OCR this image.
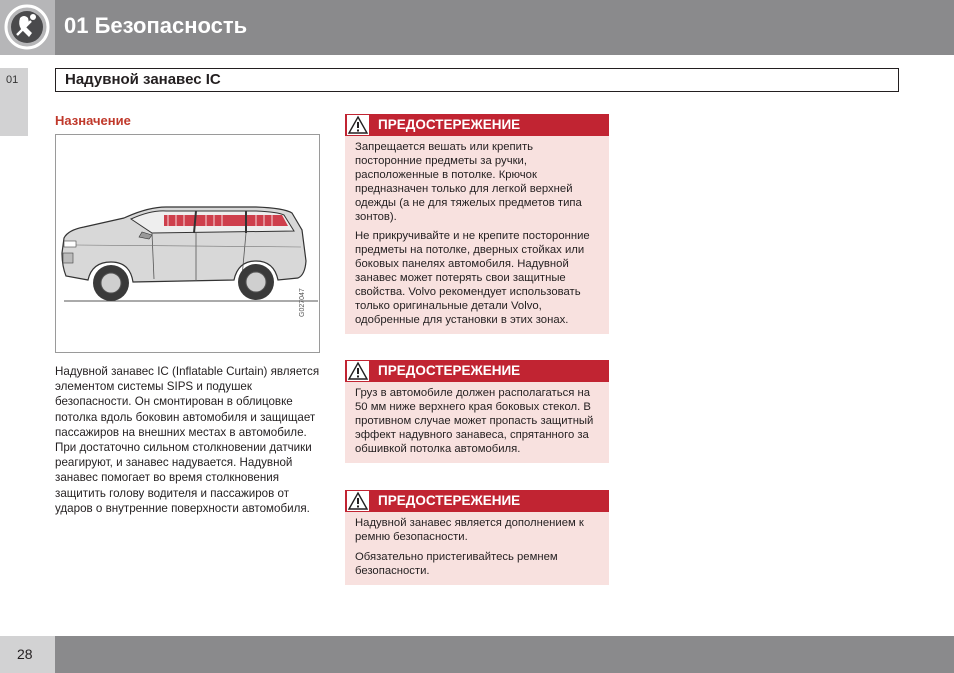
01 Безопасность
01	Надувной занавес IC
Назначение
G027047
Надувной занавес IC (Inflatable Curtain) является элементом системы SIPS и подушек безопасности. Он смонтирован в облицовке потолка вдоль боковин автомобиля и защищает пассажиров на внешних местах в автомобиле. При достаточно сильном столкновении датчики реагируют, и занавес надувается. Надувной занавес помогает во время столкновения защитить голову водителя и пассажиров от ударов о внутренние поверхности автомобиля.
ПРЕДОСТЕРЕЖЕНИЕ

Запрещается вешать или крепить посторонние предметы за ручки, расположенные в потолке. Крючок предназначен только для легкой верхней одежды (а не для тяжелых предметов типа зонтов).

Не прикручивайте и не крепите посторонние предметы на потолке, дверных стойках или боковых панелях автомобиля. Надувной занавес может потерять свои защитные свойства. Volvo рекомендует использовать только оригинальные детали Volvo, одобренные для установки в этих зонах.

ПРЕДОСТЕРЕЖЕНИЕ

Груз в автомобиле должен располагаться на 50 мм ниже верхнего края боковых стекол. В противном случае может пропасть защитный эффект надувного занавеса, спрятанного за обшивкой потолка автомобиля.

ПРЕДОСТЕРЕЖЕНИЕ

Надувной занавес является дополнением к ремню безопасности.

Обязательно пристегивайтесь ремнем безопасности.

28
